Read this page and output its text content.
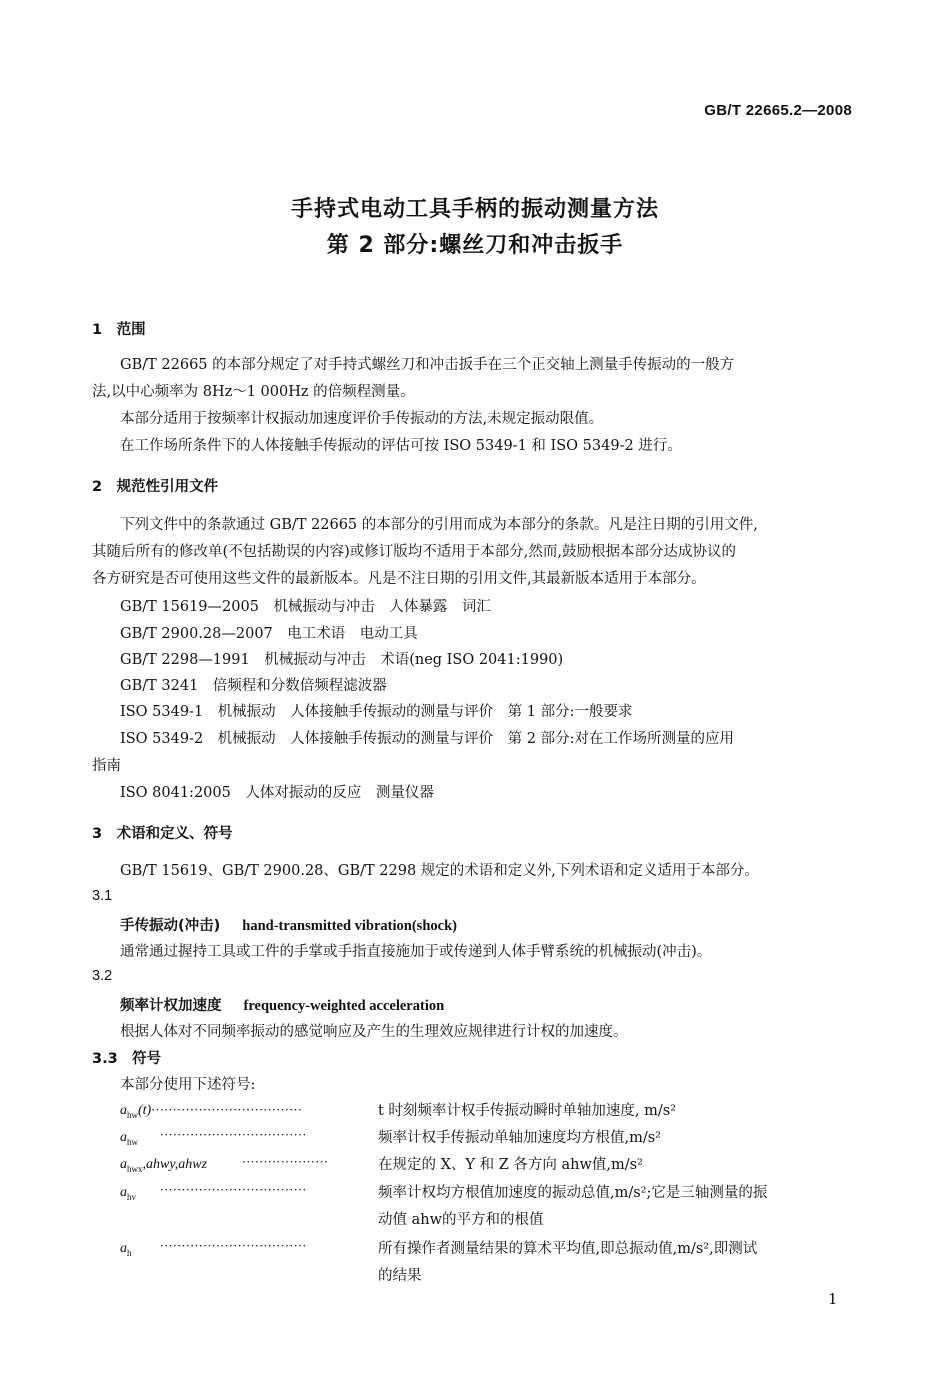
GB/T 22665.2—2008
手持式电动工具手柄的振动测量方法
第 2 部分:螺丝刀和冲击扳手
1　范围
GB/T 22665 的本部分规定了对手持式螺丝刀和冲击扳手在三个正交轴上测量手传振动的一般方
法,以中心频率为 8Hz～1 000Hz 的倍频程测量。
本部分适用于按频率计权振动加速度评价手传振动的方法,未规定振动限值。
在工作场所条件下的人体接触手传振动的评估可按 ISO 5349-1 和 ISO 5349-2 进行。
2　规范性引用文件
下列文件中的条款通过 GB/T 22665 的本部分的引用而成为本部分的条款。凡是注日期的引用文件,
其随后所有的修改单(不包括勘误的内容)或修订版均不适用于本部分,然而,鼓励根据本部分达成协议的
各方研究是否可使用这些文件的最新版本。凡是不注日期的引用文件,其最新版本适用于本部分。
GB/T 15619—2005　机械振动与冲击　人体暴露　词汇
GB/T 2900.28—2007　电工术语　电动工具
GB/T 2298—1991　机械振动与冲击　术语(neg ISO 2041:1990)
GB/T 3241　倍频程和分数倍频程滤波器
ISO 5349-1　机械振动　人体接触手传振动的测量与评价　第 1 部分:一般要求
ISO 5349-2　机械振动　人体接触手传振动的测量与评价　第 2 部分:对在工作场所测量的应用
指南
ISO 8041:2005　人体对振动的反应　测量仪器
3　术语和定义、符号
GB/T 15619、GB/T 2900.28、GB/T 2298 规定的术语和定义外,下列术语和定义适用于本部分。
3.1
手传振动(冲击) hand-transmitted vibration(shock)
通常通过握持工具或工件的手掌或手指直接施加于或传递到人体手臂系统的机械振动(冲击)。
3.2
频率计权加速度 frequency-weighted acceleration
根据人体对不同频率振动的感觉响应及产生的生理效应规律进行计权的加速度。
3.3　符号
本部分使用下述符号:
$a_{hw}(t)\cdot\cdot\cdot\cdot\cdot\cdot\cdot\cdot\cdot\cdot\cdot\cdot\cdot\cdot\cdot\cdot\cdot\cdot\cdot\cdot\cdot\cdot\cdot\cdot\cdot\cdot\cdot\cdot\cdot\cdot\cdot\cdot\cdot\cdot\cdot$	t 时刻频率计权手传振动瞬时单轴加速度, m/s²
$a_{hw}$ ··································	频率计权手传振动单轴加速度均方根值,m/s²
$a_{hwx},ahwy,ahwz$	····················	在规定的 X、Y 和 Z 各方向 ahw值,m/s²
$a_{hv}$ ··································	频率计权均方根值加速度的振动总值,m/s²;它是三轴测量的振
动值 ahw的平方和的根值
$a_h$ ··································	所有操作者测量结果的算术平均值,即总振动值,m/s²,即测试
的结果
1
